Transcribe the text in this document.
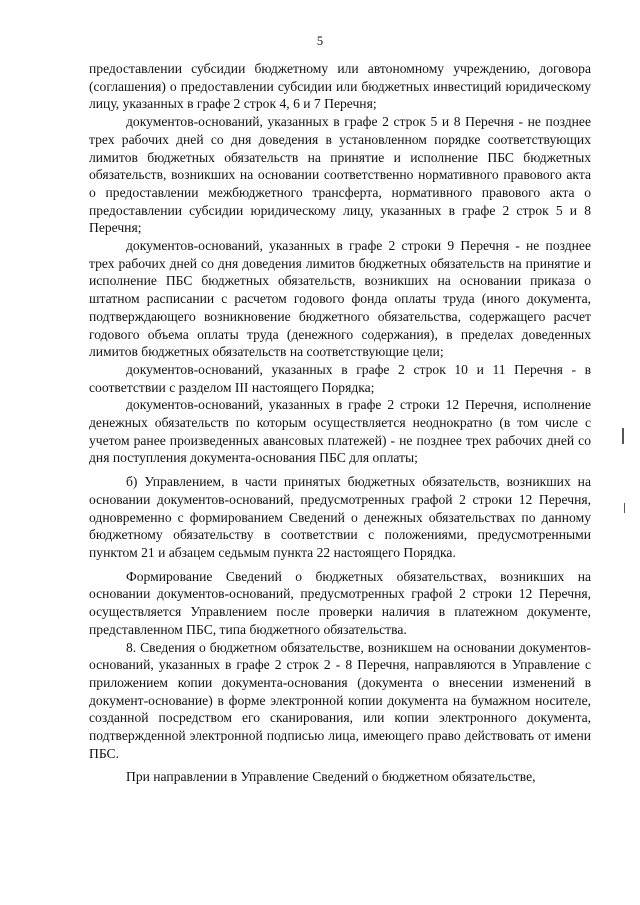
5

предоставлении субсидии бюджетному или автономному учреждению, договора (соглашения) о предоставлении субсидии или бюджетных инвестиций юридическому лицу, указанных в графе 2 строк 4, 6 и 7 Перечня;

документов-оснований, указанных в графе 2 строк 5 и 8 Перечня - не позднее трех рабочих дней со дня доведения в установленном порядке соответствующих лимитов бюджетных обязательств на принятие и исполнение ПБС бюджетных обязательств, возникших на основании соответственно нормативного правового акта о предоставлении межбюджетного трансферта, нормативного правового акта о предоставлении субсидии юридическому лицу, указанных в графе 2 строк 5 и 8 Перечня;

документов-оснований, указанных в графе 2 строки 9 Перечня - не позднее трех рабочих дней со дня доведения лимитов бюджетных обязательств на принятие и исполнение ПБС бюджетных обязательств, возникших на основании приказа о штатном расписании с расчетом годового фонда оплаты труда (иного документа, подтверждающего возникновение бюджетного обязательства, содержащего расчет годового объема оплаты труда (денежного содержания), в пределах доведенных лимитов бюджетных обязательств на соответствующие цели;

документов-оснований, указанных в графе 2 строк 10 и 11 Перечня - в соответствии с разделом III настоящего Порядка;

документов-оснований, указанных в графе 2 строки 12 Перечня, исполнение денежных обязательств по которым осуществляется неоднократно (в том числе с учетом ранее произведенных авансовых платежей) - не позднее трех рабочих дней со дня поступления документа-основания ПБС для оплаты;

б) Управлением, в части принятых бюджетных обязательств, возникших на основании документов-оснований, предусмотренных графой 2 строки 12 Перечня, одновременно с формированием Сведений о денежных обязательствах по данному бюджетному обязательству в соответствии с положениями, предусмотренными пунктом 21 и абзацем седьмым пункта 22 настоящего Порядка.

Формирование Сведений о бюджетных обязательствах, возникших на основании документов-оснований, предусмотренных графой 2 строки 12 Перечня, осуществляется Управлением после проверки наличия в платежном документе, представленном ПБС, типа бюджетного обязательства.

8. Сведения о бюджетном обязательстве, возникшем на основании документов-оснований, указанных в графе 2 строк 2 - 8 Перечня, направляются в Управление с приложением копии документа-основания (документа о внесении изменений в документ-основание) в форме электронной копии документа на бумажном носителе, созданной посредством его сканирования, или копии электронного документа, подтвержденной электронной подписью лица, имеющего право действовать от имени ПБС.

При направлении в Управление Сведений о бюджетном обязательстве,
